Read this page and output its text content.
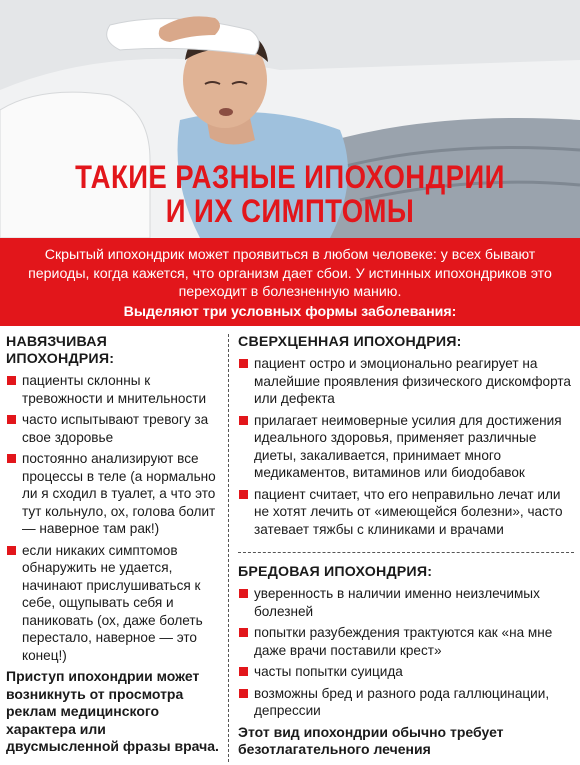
ТАКИЕ РАЗНЫЕ ИПОХОНДРИИ
И ИХ СИМПТОМЫ
Скрытый ипохондрик может проявиться в любом человеке: у всех бывают периоды, когда кажется, что организм дает сбои. У истинных ипохондриков это переходит в болезненную манию.
Выделяют три условных формы заболевания:
НАВЯЗЧИВАЯ
ИПОХОНДРИЯ:
пациенты склонны к тревожности и мнительности
часто испытывают тревогу за свое здоровье
постоянно анализируют все процессы в теле (а нормально ли я сходил в туалет, а что это тут кольнуло, ох, голова болит — наверное там рак!)
если никаких симптомов обнаружить не удается, начинают прислушиваться к себе, ощупывать себя и паниковать (ох, даже болеть перестало, наверное — это конец!)
Приступ ипохондрии может возникнуть от просмотра реклам медицинского характера или двусмысленной фразы врача.
СВЕРХЦЕННАЯ ИПОХОНДРИЯ:
пациент остро и эмоционально реагирует на малейшие проявления физического дискомфорта или дефекта
прилагает неимоверные усилия для достижения идеального здоровья, применяет различные диеты, закаливается, принимает много медикаментов, витаминов или биодобавок
пациент считает, что его неправильно лечат или не хотят лечить от «имеющейся болезни», часто затевает тяжбы с клиниками и врачами
БРЕДОВАЯ ИПОХОНДРИЯ:
уверенность в наличии именно неизлечимых болезней
попытки разубеждения трактуются как «на мне даже врачи поставили крест»
часты попытки суицида
возможны бред и разного рода галлюцинации, депрессии
Этот вид ипохондрии обычно требует безотлагательного лечения
